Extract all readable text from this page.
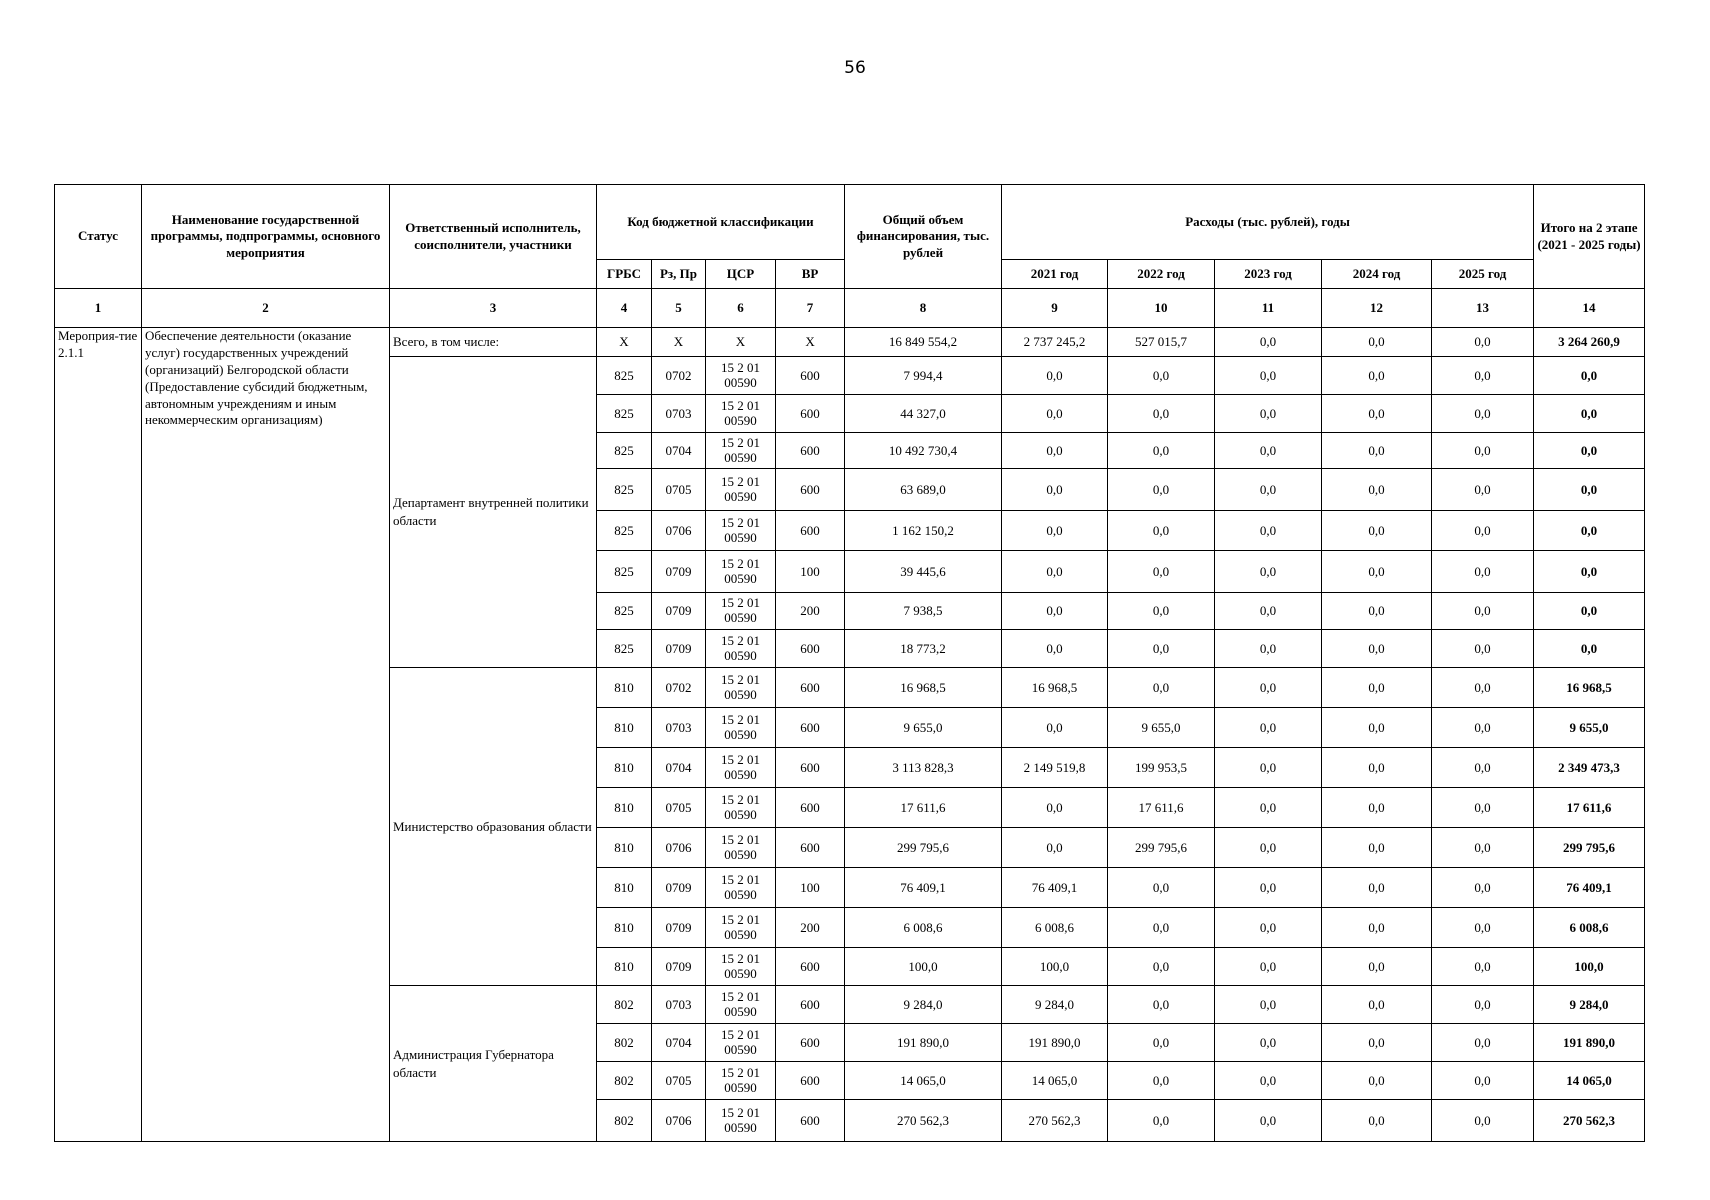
56
Статус	Наименование государственной программы, подпрограммы, основного мероприятия	Ответственный исполнитель, соисполнители, участники	Код бюджетной классификации				Общий объем финансирования, тыс. рублей	Расходы (тыс. рублей), годы					Итого на 2 этапе (2021 - 2025 годы)
			ГРБС	Рз, Пр	ЦСР	ВР		2021 год	2022 год	2023 год	2024 год	2025 год	
1	2	3	4	5	6	7	8	9	10	11	12	13	14
Мероприя-тие 2.1.1	Обеспечение деятельности (оказание услуг) государственных учреждений (организаций) Белгородской области (Предоставление субсидий бюджетным, автономным учреждениям и иным некоммерческим организациям)	Всего, в том числе:	Х	Х	Х	Х	16 849 554,2	2 737 245,2	527 015,7	0,0	0,0	0,0	3 264 260,9
		Департамент внутренней политики области	825	0702	15 2 01 00590	600	7 994,4	0,0	0,0	0,0	0,0	0,0	0,0
			825	0703	15 2 01 00590	600	44 327,0	0,0	0,0	0,0	0,0	0,0	0,0
			825	0704	15 2 01 00590	600	10 492 730,4	0,0	0,0	0,0	0,0	0,0	0,0
			825	0705	15 2 01 00590	600	63 689,0	0,0	0,0	0,0	0,0	0,0	0,0
			825	0706	15 2 01 00590	600	1 162 150,2	0,0	0,0	0,0	0,0	0,0	0,0
			825	0709	15 2 01 00590	100	39 445,6	0,0	0,0	0,0	0,0	0,0	0,0
			825	0709	15 2 01 00590	200	7 938,5	0,0	0,0	0,0	0,0	0,0	0,0
			825	0709	15 2 01 00590	600	18 773,2	0,0	0,0	0,0	0,0	0,0	0,0
		Министерство образования области	810	0702	15 2 01 00590	600	16 968,5	16 968,5	0,0	0,0	0,0	0,0	16 968,5
			810	0703	15 2 01 00590	600	9 655,0	0,0	9 655,0	0,0	0,0	0,0	9 655,0
			810	0704	15 2 01 00590	600	3 113 828,3	2 149 519,8	199 953,5	0,0	0,0	0,0	2 349 473,3
			810	0705	15 2 01 00590	600	17 611,6	0,0	17 611,6	0,0	0,0	0,0	17 611,6
			810	0706	15 2 01 00590	600	299 795,6	0,0	299 795,6	0,0	0,0	0,0	299 795,6
			810	0709	15 2 01 00590	100	76 409,1	76 409,1	0,0	0,0	0,0	0,0	76 409,1
			810	0709	15 2 01 00590	200	6 008,6	6 008,6	0,0	0,0	0,0	0,0	6 008,6
			810	0709	15 2 01 00590	600	100,0	100,0	0,0	0,0	0,0	0,0	100,0
		Администрация Губернатора области	802	0703	15 2 01 00590	600	9 284,0	9 284,0	0,0	0,0	0,0	0,0	9 284,0
			802	0704	15 2 01 00590	600	191 890,0	191 890,0	0,0	0,0	0,0	0,0	191 890,0
			802	0705	15 2 01 00590	600	14 065,0	14 065,0	0,0	0,0	0,0	0,0	14 065,0
			802	0706	15 2 01 00590	600	270 562,3	270 562,3	0,0	0,0	0,0	0,0	270 562,3
